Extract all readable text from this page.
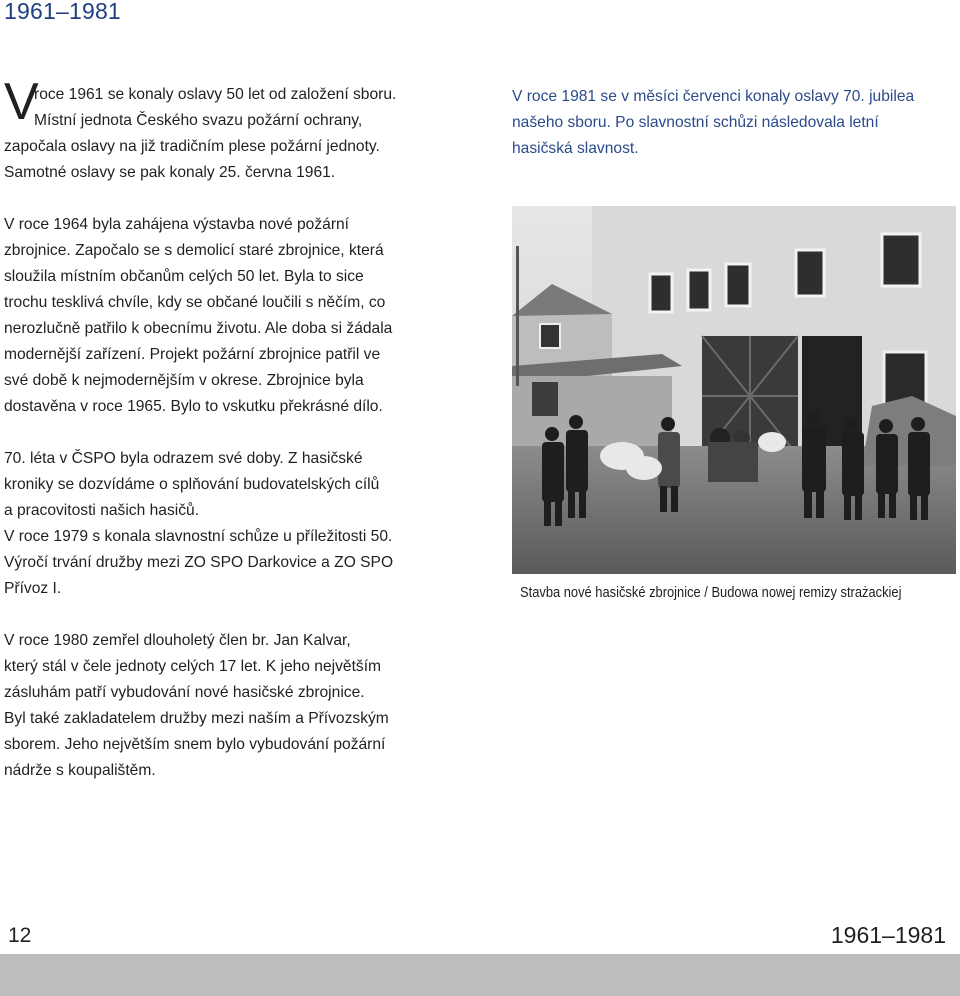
1961–1981
V
roce 1961 se konaly oslavy 50 let od založení sboru.
Místní jednota Českého svazu požární ochrany,
započala oslavy na již tradičním plese požární jednoty.
Samotné oslavy se pak konaly 25. června 1961.
V roce 1964 byla zahájena výstavba nové požární
zbrojnice. Započalo se s demolicí staré zbrojnice, která
sloužila místním občanům celých 50 let. Byla to sice
trochu tesklivá chvíle, kdy se občané loučili s něčím, co
nerozlučně patřilo k obecnímu životu. Ale doba si žádala
modernější zařízení. Projekt požární zbrojnice patřil ve
své době k nejmodernějším v okrese. Zbrojnice byla
dostavěna v roce 1965. Bylo to vskutku překrásné dílo.
70. léta v ČSPO byla odrazem své doby. Z hasičské
kroniky se dozvídáme o splňování budovatelských cílů
a pracovitosti našich hasičů.
V roce 1979 s konala slavnostní schůze u příležitosti 50.
Výročí trvání družby mezi ZO SPO Darkovice a ZO SPO
Přívoz I.
V roce 1980 zemřel dlouholetý člen br. Jan Kalvar,
který stál v čele jednoty celých 17 let. K jeho největším
zásluhám patří vybudování nové hasičské zbrojnice.
Byl také zakladatelem družby mezi naším a Přívozským
sborem. Jeho největším snem bylo vybudování požární
nádrže s koupalištěm.
V roce 1981 se v měsíci červenci konaly oslavy 70. jubilea
našeho sboru. Po slavnostní schůzi následovala letní
hasičská slavnost.
Stavba nové hasičské zbrojnice / Budowa nowej remizy strażackiej
12	1961–1981
